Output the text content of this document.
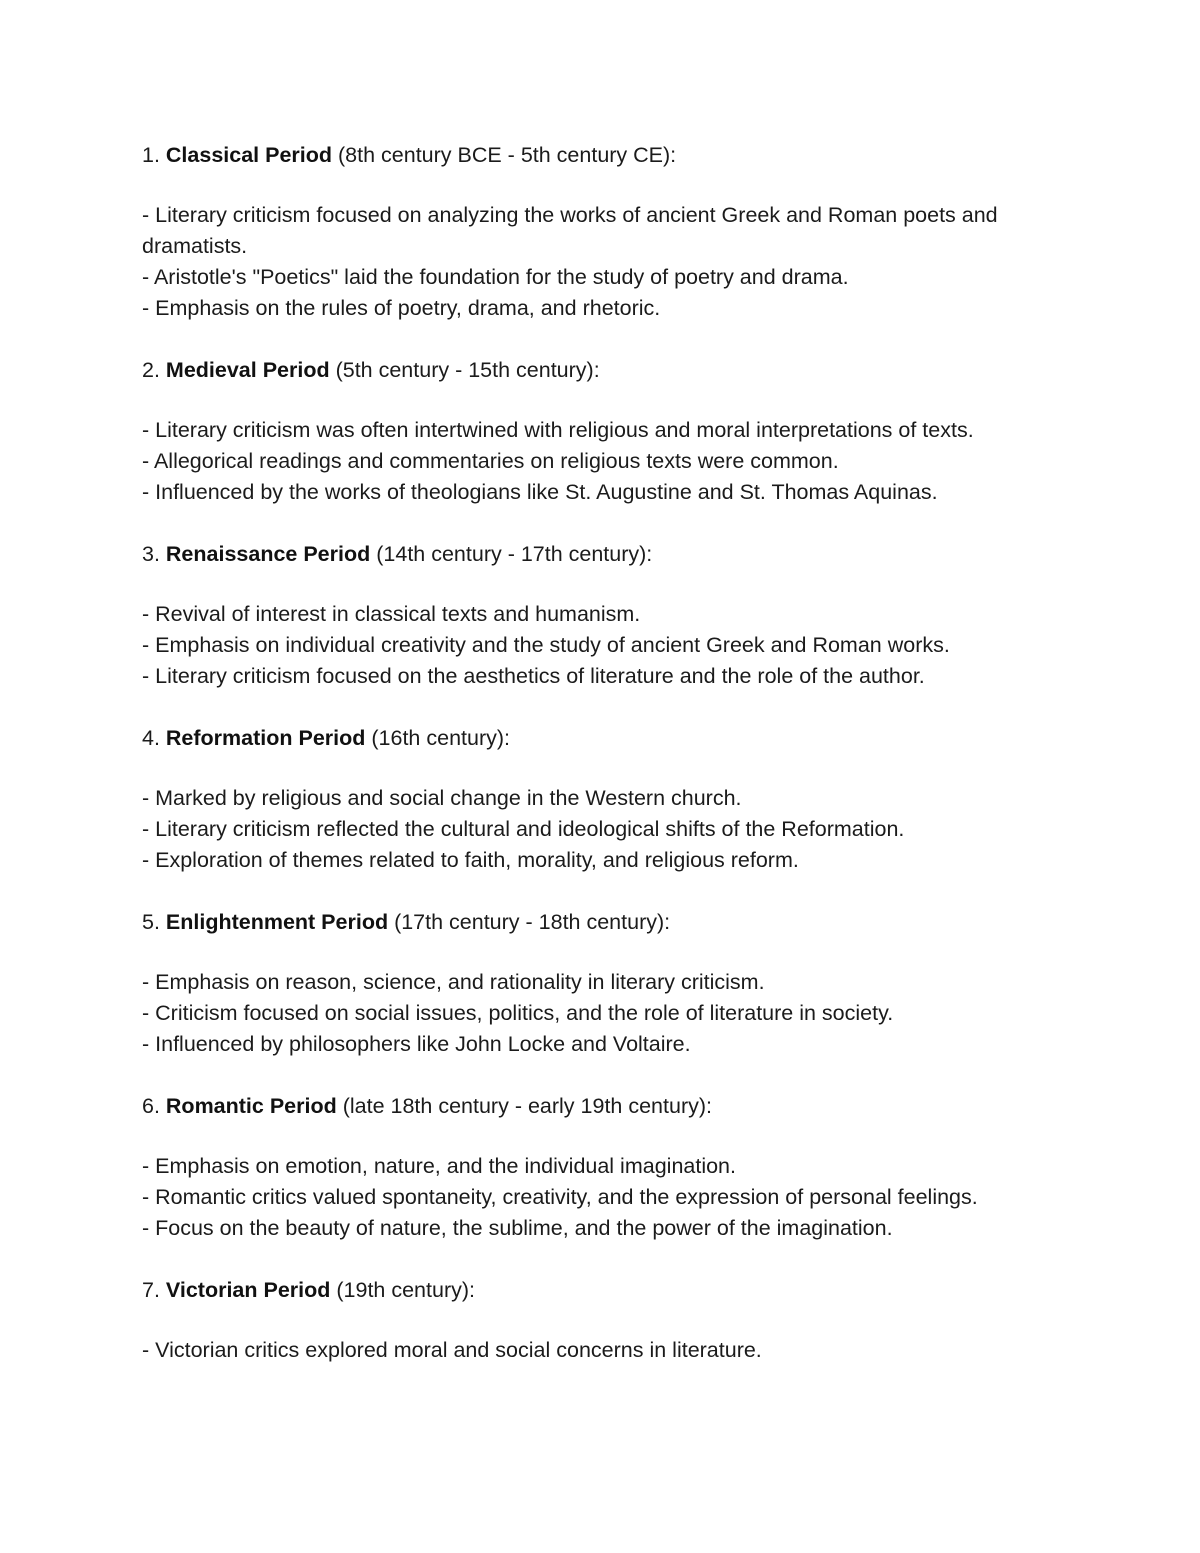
1. Classical Period (8th century BCE - 5th century CE):
- Literary criticism focused on analyzing the works of ancient Greek and Roman poets and dramatists.
- Aristotle's "Poetics" laid the foundation for the study of poetry and drama.
- Emphasis on the rules of poetry, drama, and rhetoric.
2. Medieval Period (5th century - 15th century):
- Literary criticism was often intertwined with religious and moral interpretations of texts.
- Allegorical readings and commentaries on religious texts were common.
- Influenced by the works of theologians like St. Augustine and St. Thomas Aquinas.
3. Renaissance Period (14th century - 17th century):
- Revival of interest in classical texts and humanism.
- Emphasis on individual creativity and the study of ancient Greek and Roman works.
- Literary criticism focused on the aesthetics of literature and the role of the author.
4. Reformation Period (16th century):
- Marked by religious and social change in the Western church.
- Literary criticism reflected the cultural and ideological shifts of the Reformation.
- Exploration of themes related to faith, morality, and religious reform.
5. Enlightenment Period (17th century - 18th century):
- Emphasis on reason, science, and rationality in literary criticism.
- Criticism focused on social issues, politics, and the role of literature in society.
- Influenced by philosophers like John Locke and Voltaire.
6. Romantic Period (late 18th century - early 19th century):
- Emphasis on emotion, nature, and the individual imagination.
- Romantic critics valued spontaneity, creativity, and the expression of personal feelings.
- Focus on the beauty of nature, the sublime, and the power of the imagination.
7. Victorian Period (19th century):
- Victorian critics explored moral and social concerns in literature.
